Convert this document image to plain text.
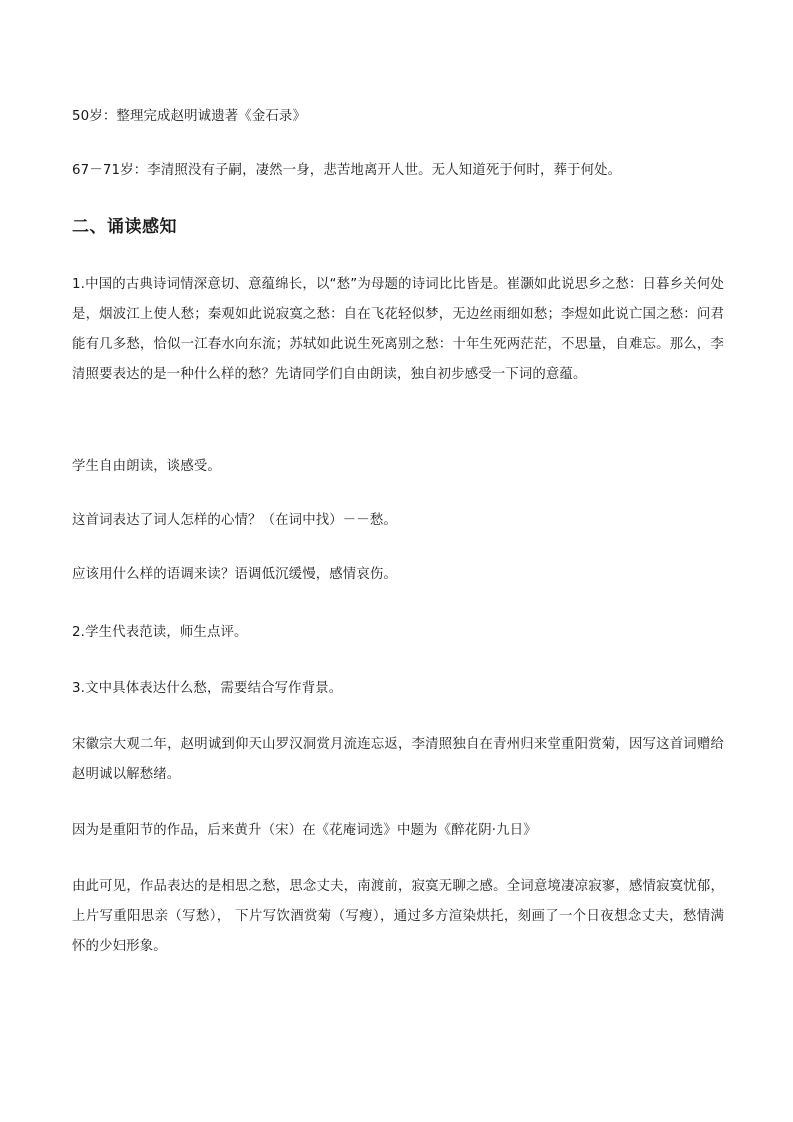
50岁：整理完成赵明诚遗著《金石录》

67－71岁：李清照没有子嗣，凄然一身，悲苦地离开人世。无人知道死于何时，葬于何处。

二、诵读感知

1.中国的古典诗词情深意切、意蕴绵长，以“愁”为母题的诗词比比皆是。崔灏如此说思乡之愁：日暮乡关何处是，烟波江上使人愁；秦观如此说寂寞之愁：自在飞花轻似梦，无边丝雨细如愁；李煜如此说亡国之愁：问君能有几多愁，恰似一江春水向东流；苏轼如此说生死离别之愁：十年生死两茫茫，不思量，自难忘。那么，李清照要表达的是一种什么样的愁？先请同学们自由朗读，独自初步感受一下词的意蕴。

学生自由朗读，谈感受。

这首词表达了词人怎样的心情？（在词中找）－－愁。

应该用什么样的语调来读？语调低沉缓慢，感情哀伤。

2.学生代表范读，师生点评。

3.文中具体表达什么愁，需要结合写作背景。

宋徽宗大观二年，赵明诚到仰天山罗汉洞赏月流连忘返，李清照独自在青州归来堂重阳赏菊，因写这首词赠给赵明诚以解愁绪。

因为是重阳节的作品，后来黄升（宋）在《花庵词选》中题为《醉花阴·九日》

由此可见，作品表达的是相思之愁，思念丈夫，南渡前，寂寞无聊之感。全词意境凄凉寂寥，感情寂寞忧郁，上片写重阳思亲（写愁）， 下片写饮酒赏菊（写瘦），通过多方渲染烘托，刻画了一个日夜想念丈夫，愁情满怀的少妇形象。
